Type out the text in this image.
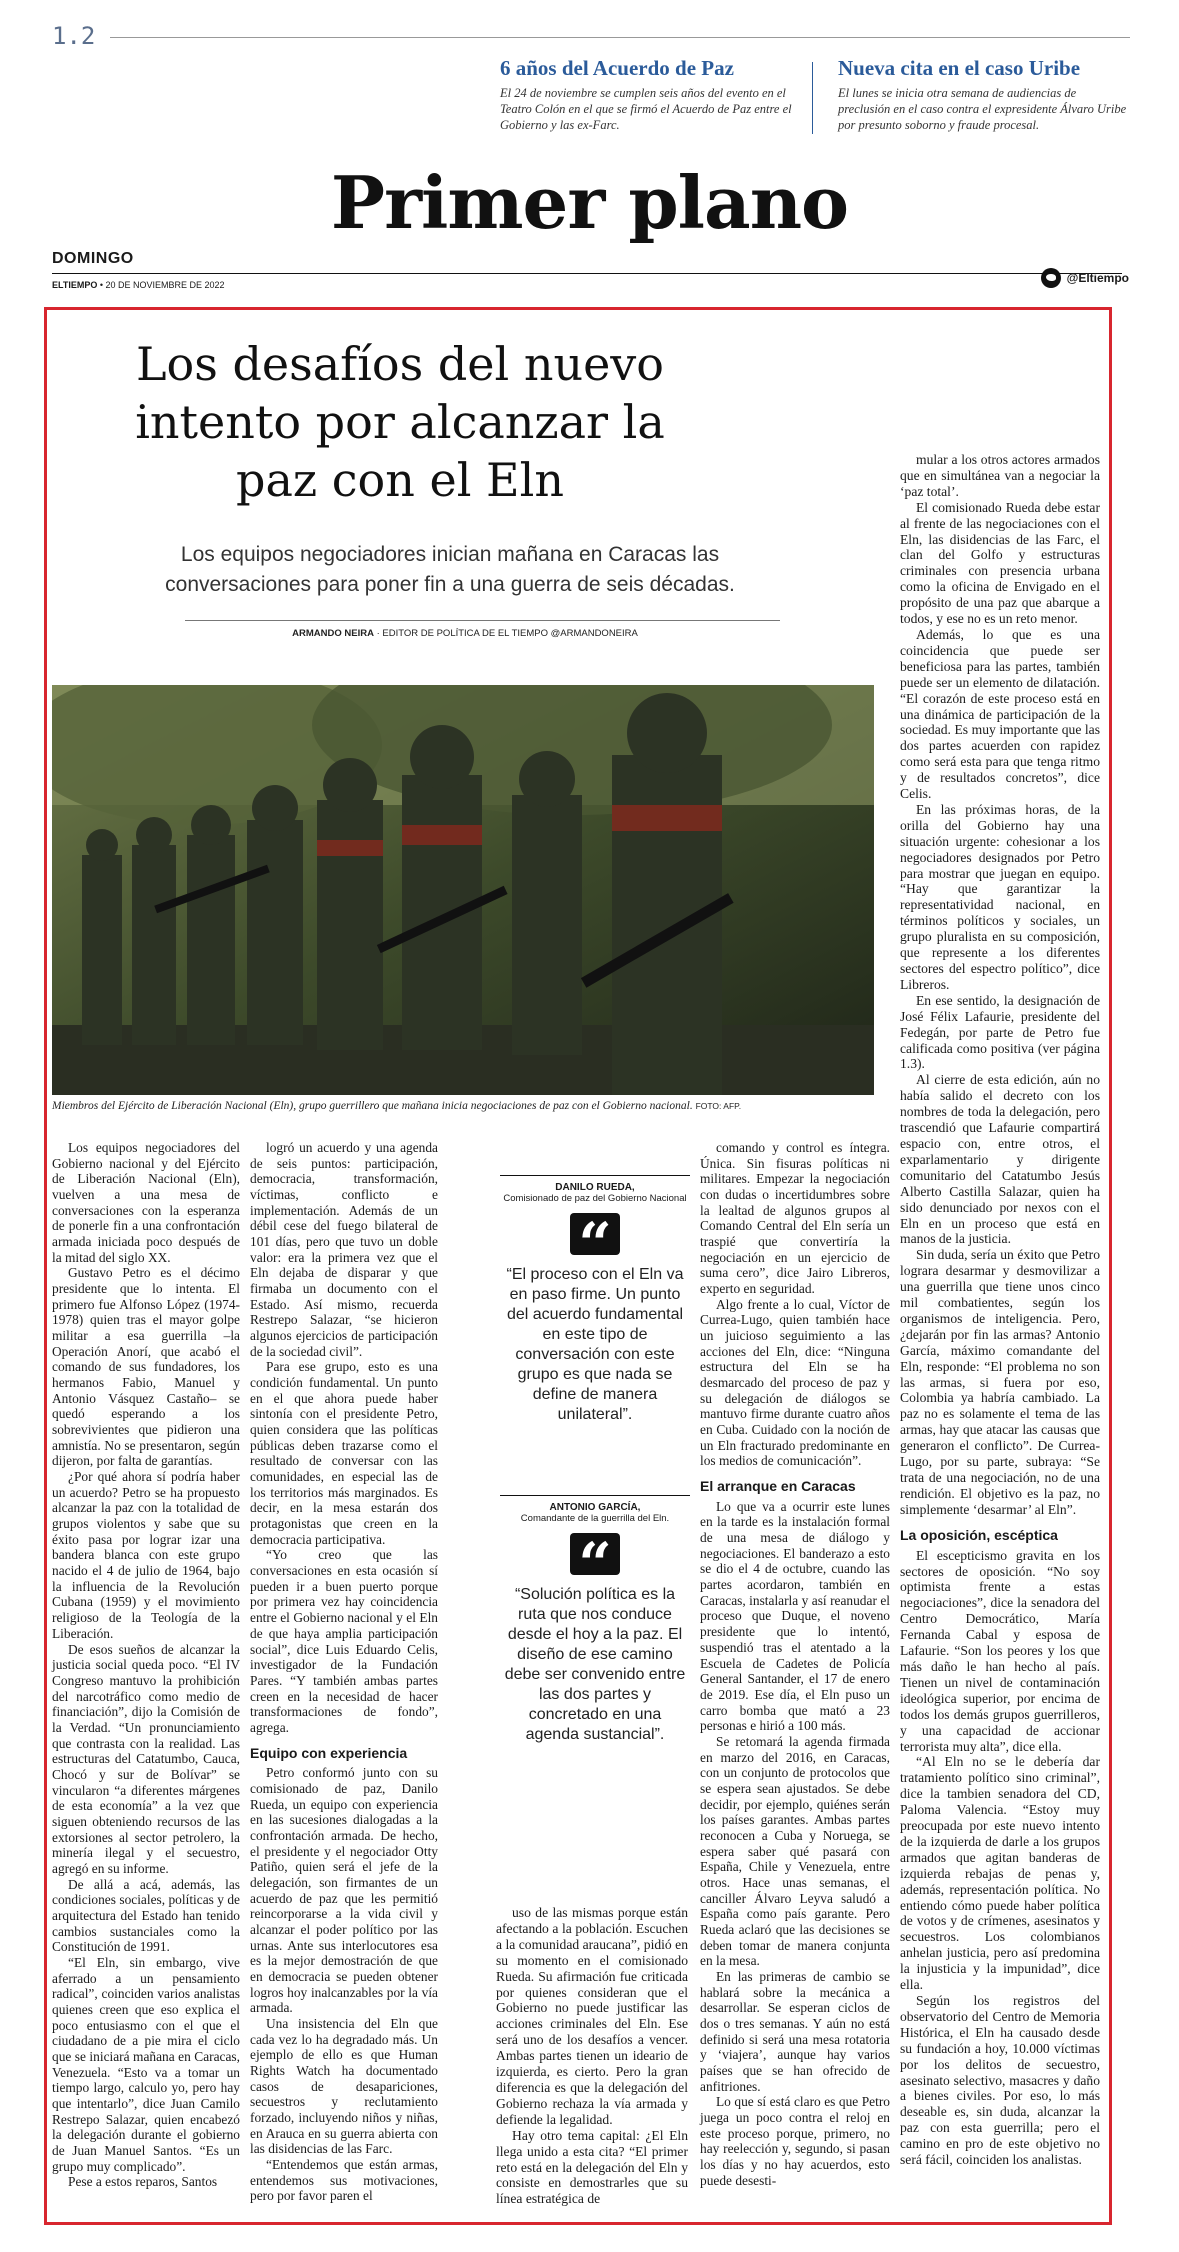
1.2
6 años del Acuerdo de Paz

El 24 de noviembre se cumplen seis años del evento en el Teatro Colón en el que se firmó el Acuerdo de Paz entre el Gobierno y las ex-Farc.

Nueva cita en el caso Uribe

El lunes se inicia otra semana de audiencias de preclusión en el caso contra el expresidente Álvaro Uribe por presunto soborno y fraude procesal.

Primer plano
DOMINGO
ELTIEMPO • 20 DE NOVIEMBRE DE 2022	@Eltiempo
Los desafíos del nuevo intento por alcanzar la paz con el Eln
Los equipos negociadores inician mañana en Caracas las conversaciones para poner fin a una guerra de seis décadas.
ARMANDO NEIRA · EDITOR DE POLÍTICA DE EL TIEMPO @ARMANDONEIRA
Miembros del Ejército de Liberación Nacional (Eln), grupo guerrillero que mañana inicia negociaciones de paz con el Gobierno nacional. FOTO: AFP.

Los equipos negociadores del Gobierno nacional y del Ejército de Liberación Nacional (Eln), vuelven a una mesa de conversaciones con la esperanza de ponerle fin a una confrontación armada iniciada poco después de la mitad del siglo XX.

Gustavo Petro es el décimo presidente que lo intenta. El primero fue Alfonso López (1974-1978) quien tras el mayor golpe militar a esa guerrilla –la Operación Anorí, que acabó el comando de sus fundadores, los hermanos Fabio, Manuel y Antonio Vásquez Castaño– se quedó esperando a los sobrevivientes que pidieron una amnistía. No se presentaron, según dijeron, por falta de garantías.

¿Por qué ahora sí podría haber un acuerdo? Petro se ha propuesto alcanzar la paz con la totalidad de grupos violentos y sabe que su éxito pasa por lograr izar una bandera blanca con este grupo nacido el 4 de julio de 1964, bajo la influencia de la Revolución Cubana (1959) y el movimiento religioso de la Teología de la Liberación.

De esos sueños de alcanzar la justicia social queda poco. “El IV Congreso mantuvo la prohibición del narcotráfico como medio de financiación”, dijo la Comisión de la Verdad. “Un pronunciamiento que contrasta con la realidad. Las estructuras del Catatumbo, Cauca, Chocó y sur de Bolívar” se vincularon “a diferentes márgenes de esta economía” a la vez que siguen obteniendo recursos de las extorsiones al sector petrolero, la minería ilegal y el secuestro, agregó en su informe.

De allá a acá, además, las condiciones sociales, políticas y de arquitectura del Estado han tenido cambios sustanciales como la Constitución de 1991.

“El Eln, sin embargo, vive aferrado a un pensamiento radical”, coinciden varios analistas quienes creen que eso explica el poco entusiasmo con el que el ciudadano de a pie mira el ciclo que se iniciará mañana en Caracas, Venezuela. “Esto va a tomar un tiempo largo, calculo yo, pero hay que intentarlo”, dice Juan Camilo Restrepo Salazar, quien encabezó la delegación durante el gobierno de Juan Manuel Santos. “Es un grupo muy complicado”.

Pese a estos reparos, Santos

logró un acuerdo y una agenda de seis puntos: participación, democracia, transformación, víctimas, conflicto e implementación. Además de un débil cese del fuego bilateral de 101 días, pero que tuvo un doble valor: era la primera vez que el Eln dejaba de disparar y que firmaba un documento con el Estado. Así mismo, recuerda Restrepo Salazar, “se hicieron algunos ejercicios de participación de la sociedad civil”.

Para ese grupo, esto es una condición fundamental. Un punto en el que ahora puede haber sintonía con el presidente Petro, quien considera que las políticas públicas deben trazarse como el resultado de conversar con las comunidades, en especial las de los territorios más marginados. Es decir, en la mesa estarán dos protagonistas que creen en la democracia participativa.

“Yo creo que las conversaciones en esta ocasión sí pueden ir a buen puerto porque por primera vez hay coincidencia entre el Gobierno nacional y el Eln de que haya amplia participación social”, dice Luis Eduardo Celis, investigador de la Fundación Pares. “Y también ambas partes creen en la necesidad de hacer transformaciones de fondo”, agrega.

Equipo con experiencia

Petro conformó junto con su comisionado de paz, Danilo Rueda, un equipo con experiencia en las sucesiones dialogadas a la confrontación armada. De hecho, el presidente y el negociador Otty Patiño, quien será el jefe de la delegación, son firmantes de un acuerdo de paz que les permitió reincorporarse a la vida civil y alcanzar el poder político por las urnas. Ante sus interlocutores esa es la mejor demostración de que en democracia se pueden obtener logros hoy inalcanzables por la vía armada.

Una insistencia del Eln que cada vez lo ha degradado más. Un ejemplo de ello es que Human Rights Watch ha documentado casos de desapariciones, secuestros y reclutamiento forzado, incluyendo niños y niñas, en Arauca en su guerra abierta con las disidencias de las Farc.

“Entendemos que están armas, entendemos sus motivaciones, pero por favor paren el

DANILO RUEDA,
Comisionado de paz del Gobierno Nacional
“
“El proceso con el Eln va en paso firme. Un punto del acuerdo fundamental en este tipo de conversación con este grupo es que nada se define de manera unilateral”.
ANTONIO GARCÍA,
Comandante de la guerrilla del Eln.
“
“Solución política es la ruta que nos conduce desde el hoy a la paz. El diseño de ese camino debe ser convenido entre las dos partes y concretado en una agenda sustancial”.

uso de las mismas porque están afectando a la población. Escuchen a la comunidad araucana”, pidió en su momento en el comisionado Rueda. Su afirmación fue criticada por quienes consideran que el Gobierno no puede justificar las acciones criminales del Eln. Ese será uno de los desafíos a vencer. Ambas partes tienen un ideario de izquierda, es cierto. Pero la gran diferencia es que la delegación del Gobierno rechaza la vía armada y defiende la legalidad.

Hay otro tema capital: ¿El Eln llega unido a esta cita? “El primer reto está en la delegación del Eln y consiste en demostrarles que su línea estratégica de

comando y control es íntegra. Única. Sin fisuras políticas ni militares. Empezar la negociación con dudas o incertidumbres sobre la lealtad de algunos grupos al Comando Central del Eln sería un traspié que convertiría la negociación en un ejercicio de suma cero”, dice Jairo Libreros, experto en seguridad.

Algo frente a lo cual, Víctor de Currea-Lugo, quien también hace un juicioso seguimiento a las acciones del Eln, dice: “Ninguna estructura del Eln se ha desmarcado del proceso de paz y su delegación de diálogos se mantuvo firme durante cuatro años en Cuba. Cuidado con la noción de un Eln fracturado predominante en los medios de comunicación”.

El arranque en Caracas

Lo que va a ocurrir este lunes en la tarde es la instalación formal de una mesa de diálogo y negociaciones. El banderazo a esto se dio el 4 de octubre, cuando las partes acordaron, también en Caracas, instalarla y así reanudar el proceso que Duque, el noveno presidente que lo intentó, suspendió tras el atentado a la Escuela de Cadetes de Policía General Santander, el 17 de enero de 2019. Ese día, el Eln puso un carro bomba que mató a 23 personas e hirió a 100 más.

Se retomará la agenda firmada en marzo del 2016, en Caracas, con un conjunto de protocolos que se espera sean ajustados. Se debe decidir, por ejemplo, quiénes serán los países garantes. Ambas partes reconocen a Cuba y Noruega, se espera saber qué pasará con España, Chile y Venezuela, entre otros. Hace unas semanas, el canciller Álvaro Leyva saludó a España como país garante. Pero Rueda aclaró que las decisiones se deben tomar de manera conjunta en la mesa.

En las primeras de cambio se hablará sobre la mecánica a desarrollar. Se esperan ciclos de dos o tres semanas. Y aún no está definido si será una mesa rotatoria y ‘viajera’, aunque hay varios países que se han ofrecido de anfitriones.

Lo que sí está claro es que Petro juega un poco contra el reloj en este proceso porque, primero, no hay reelección y, segundo, si pasan los días y no hay acuerdos, esto puede desesti-

mular a los otros actores armados que en simultánea van a negociar la ‘paz total’.

El comisionado Rueda debe estar al frente de las negociaciones con el Eln, las disidencias de las Farc, el clan del Golfo y estructuras criminales con presencia urbana como la oficina de Envigado en el propósito de una paz que abarque a todos, y ese no es un reto menor.

Además, lo que es una coincidencia que puede ser beneficiosa para las partes, también puede ser un elemento de dilatación. “El corazón de este proceso está en una dinámica de participación de la sociedad. Es muy importante que las dos partes acuerden con rapidez como será esta para que tenga ritmo y de resultados concretos”, dice Celis.

En las próximas horas, de la orilla del Gobierno hay una situación urgente: cohesionar a los negociadores designados por Petro para mostrar que juegan en equipo. “Hay que garantizar la representatividad nacional, en términos políticos y sociales, un grupo pluralista en su composición, que represente a los diferentes sectores del espectro político”, dice Libreros.

En ese sentido, la designación de José Félix Lafaurie, presidente del Fedegán, por parte de Petro fue calificada como positiva (ver página 1.3).

Al cierre de esta edición, aún no había salido el decreto con los nombres de toda la delegación, pero trascendió que Lafaurie compartirá espacio con, entre otros, el exparlamentario y dirigente comunitario del Catatumbo Jesús Alberto Castilla Salazar, quien ha sido denunciado por nexos con el Eln en un proceso que está en manos de la justicia.

Sin duda, sería un éxito que Petro lograra desarmar y desmovilizar a una guerrilla que tiene unos cinco mil combatientes, según los organismos de inteligencia. Pero, ¿dejarán por fin las armas? Antonio García, máximo comandante del Eln, responde: “El problema no son las armas, si fuera por eso, Colombia ya habría cambiado. La paz no es solamente el tema de las armas, hay que atacar las causas que generaron el conflicto”. De Currea-Lugo, por su parte, subraya: “Se trata de una negociación, no de una rendición. El objetivo es la paz, no simplemente ‘desarmar’ al Eln”.

La oposición, escéptica

El escepticismo gravita en los sectores de oposición. “No soy optimista frente a estas negociaciones”, dice la senadora del Centro Democrático, María Fernanda Cabal y esposa de Lafaurie. “Son los peores y los que más daño le han hecho al país. Tienen un nivel de contaminación ideológica superior, por encima de todos los demás grupos guerrilleros, y una capacidad de accionar terrorista muy alta”, dice ella.

“Al Eln no se le debería dar tratamiento político sino criminal”, dice la tambien senadora del CD, Paloma Valencia. “Estoy muy preocupada por este nuevo intento de la izquierda de darle a los grupos armados que agitan banderas de izquierda rebajas de penas y, además, representación política. No entiendo cómo puede haber política de votos y de crímenes, asesinatos y secuestros. Los colombianos anhelan justicia, pero así predomina la injusticia y la impunidad”, dice ella.

Según los registros del observatorio del Centro de Memoria Histórica, el Eln ha causado desde su fundación a hoy, 10.000 víctimas por los delitos de secuestro, asesinato selectivo, masacres y daño a bienes civiles. Por eso, lo más deseable es, sin duda, alcanzar la paz con esta guerrilla; pero el camino en pro de este objetivo no será fácil, coinciden los analistas.
